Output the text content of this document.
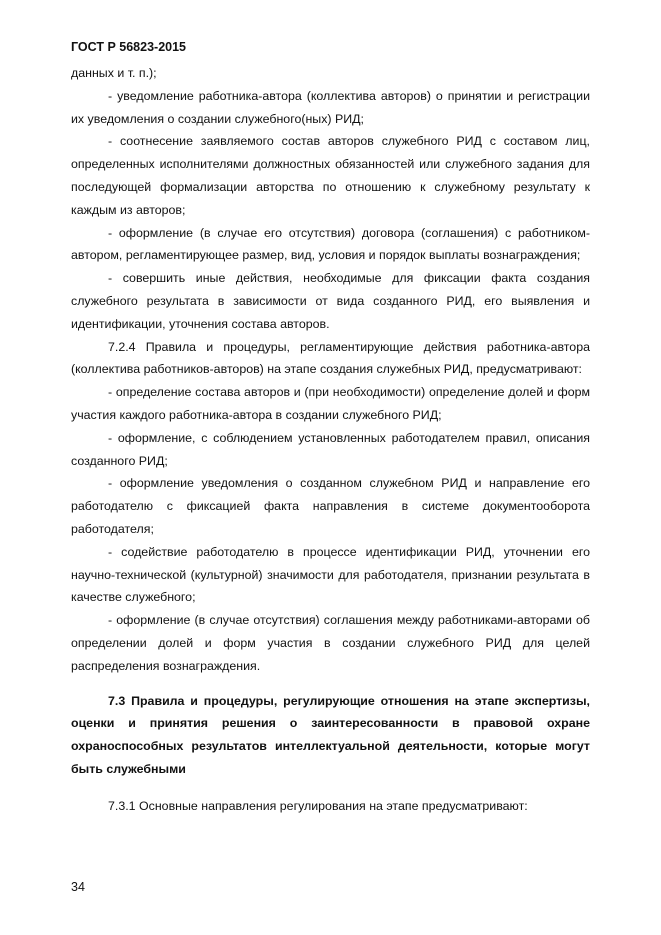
ГОСТ Р 56823-2015

данных и т. п.);

- уведомление работника-автора (коллектива авторов) о принятии и регистрации их уведомления о создании служебного(ных) РИД;

- соотнесение заявляемого состав авторов служебного РИД с составом лиц, определенных исполнителями должностных обязанностей или служебного задания для последующей формализации авторства по отношению к служебному результату к каждым из авторов;

- оформление (в случае его отсутствия) договора (соглашения) с работником-автором, регламентирующее размер, вид, условия и порядок выплаты вознаграждения;

- совершить иные действия, необходимые для фиксации факта создания служебного результата в зависимости от вида созданного РИД, его выявления и идентификации, уточнения состава авторов.

7.2.4 Правила и процедуры, регламентирующие действия работника-автора (коллектива работников-авторов) на этапе создания служебных РИД, предусматривают:

- определение состава авторов и (при необходимости) определение долей и форм участия каждого работника-автора в создании служебного РИД;

- оформление, с соблюдением установленных работодателем правил, описания созданного РИД;

- оформление уведомления о созданном служебном РИД и направление его работодателю с фиксацией факта направления в системе документооборота работодателя;

- содействие работодателю в процессе идентификации РИД, уточнении его научно-технической (культурной) значимости для работодателя, признании результата в качестве служебного;

- оформление (в случае отсутствия) соглашения между работниками-авторами об определении долей и форм участия в создании служебного РИД для целей распределения вознаграждения.

7.3 Правила и процедуры, регулирующие отношения на этапе экспертизы, оценки и принятия решения о заинтересованности в правовой охране охраноспособных результатов интеллектуальной деятельности, которые могут быть служебными

7.3.1 Основные направления регулирования на этапе предусматривают:

34
